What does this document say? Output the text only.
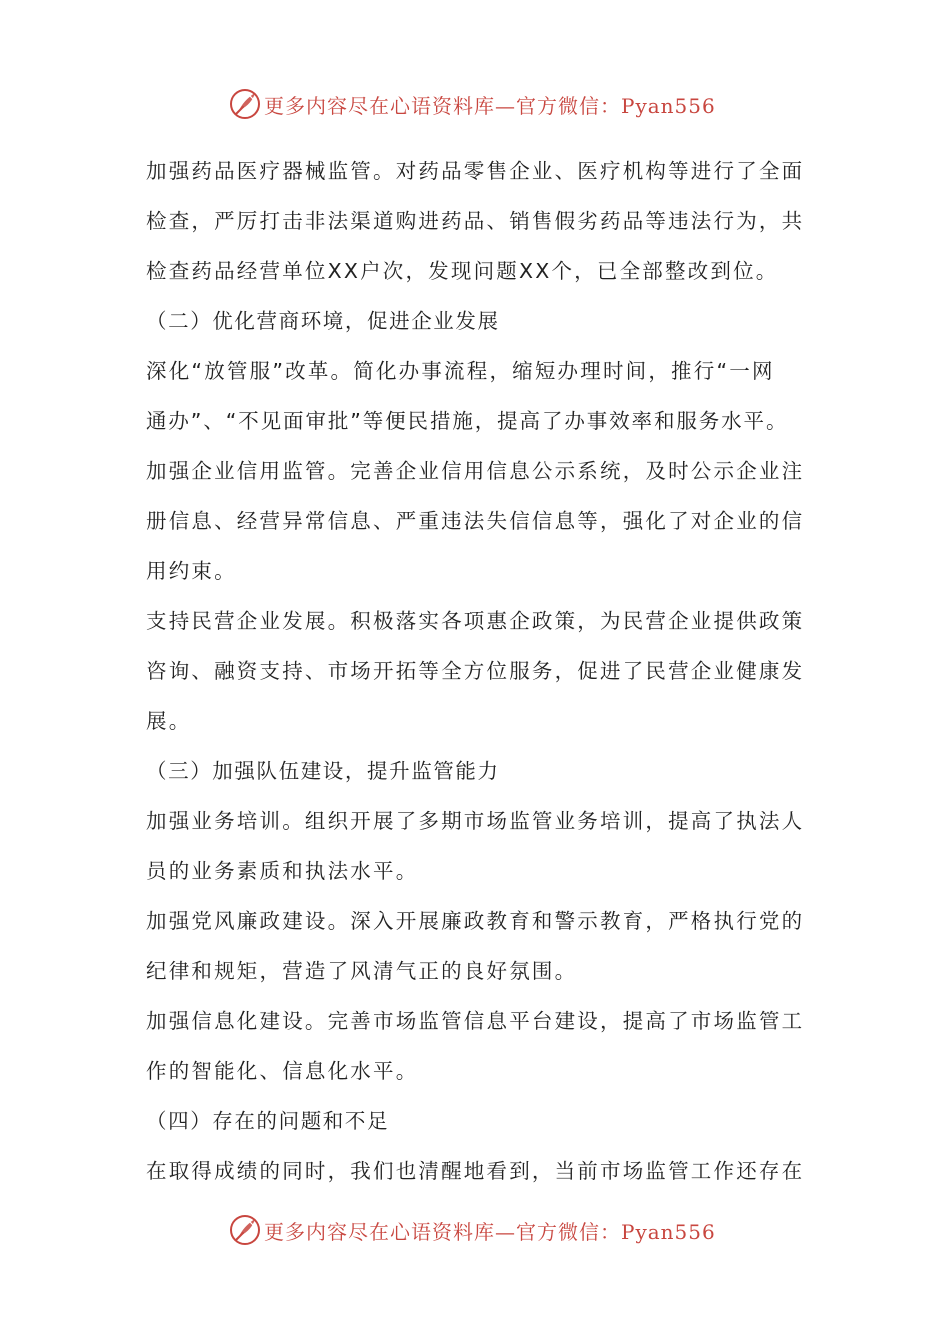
更多内容尽在心语资料库—官方微信：Pyan556
加强药品医疗器械监管。对药品零售企业、医疗机构等进行了全面
检查，严厉打击非法渠道购进药品、销售假劣药品等违法行为，共
检查药品经营单位XX户次，发现问题XX个，已全部整改到位。
（二）优化营商环境，促进企业发展
深化“放管服”改革。简化办事流程，缩短办理时间，推行“一网
通办”、“不见面审批”等便民措施，提高了办事效率和服务水平。
加强企业信用监管。完善企业信用信息公示系统，及时公示企业注
册信息、经营异常信息、严重违法失信信息等，强化了对企业的信
用约束。
支持民营企业发展。积极落实各项惠企政策，为民营企业提供政策
咨询、融资支持、市场开拓等全方位服务，促进了民营企业健康发
展。
（三）加强队伍建设，提升监管能力
加强业务培训。组织开展了多期市场监管业务培训，提高了执法人
员的业务素质和执法水平。
加强党风廉政建设。深入开展廉政教育和警示教育，严格执行党的
纪律和规矩，营造了风清气正的良好氛围。
加强信息化建设。完善市场监管信息平台建设，提高了市场监管工
作的智能化、信息化水平。
（四）存在的问题和不足
在取得成绩的同时，我们也清醒地看到，当前市场监管工作还存在
更多内容尽在心语资料库—官方微信：Pyan556
